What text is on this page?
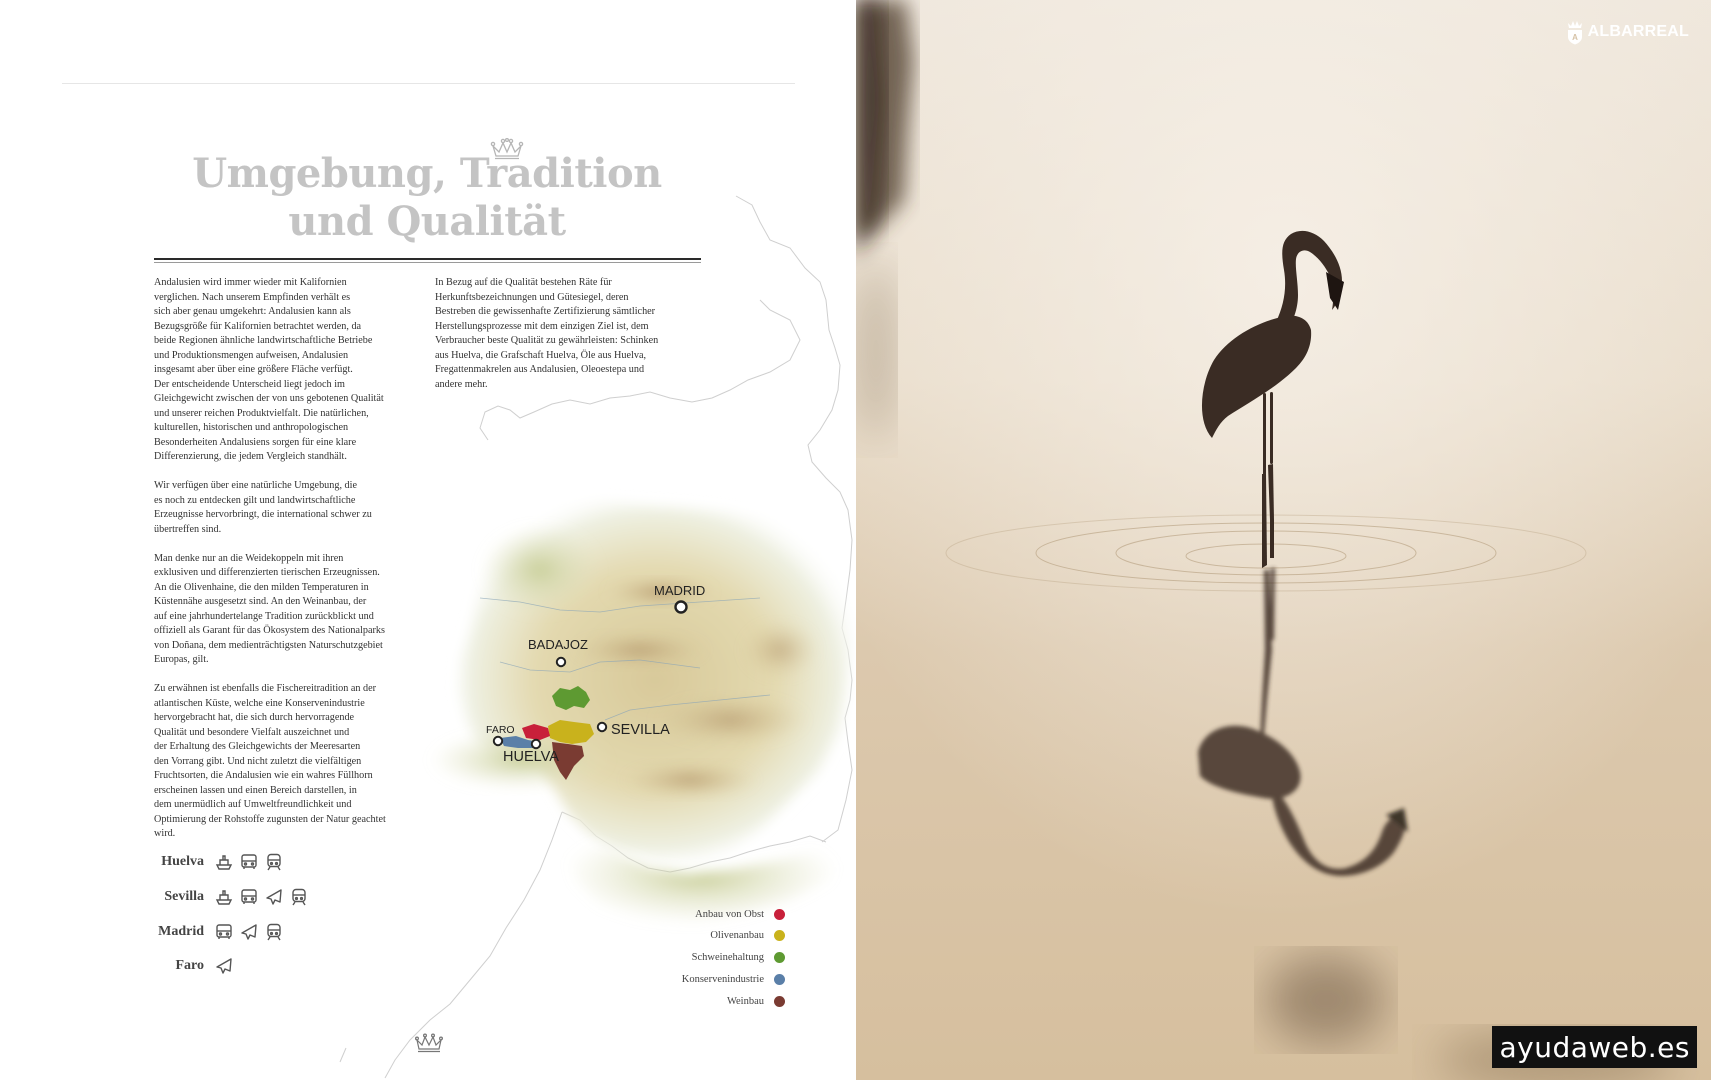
Umgebung, Tradition
und Qualität

Andalusien wird immer wieder mit Kalifornien
verglichen. Nach unserem Empfinden verhält es
sich aber genau umgekehrt: Andalusien kann als
Bezugsgröße für Kalifornien betrachtet werden, da
beide Regionen ähnliche landwirtschaftliche Betriebe
und Produktionsmengen aufweisen, Andalusien
insgesamt aber über eine größere Fläche verfügt.
Der entscheidende Unterscheid liegt jedoch im
Gleichgewicht zwischen der von uns gebotenen Qualität
und unserer reichen Produktvielfalt. Die natürlichen,
kulturellen, historischen und anthropologischen
Besonderheiten Andalusiens sorgen für eine klare
Differenzierung, die jedem Vergleich standhält.

Wir verfügen über eine natürliche Umgebung, die
es noch zu entdecken gilt und landwirtschaftliche
Erzeugnisse hervorbringt, die international schwer zu
übertreffen sind.

Man denke nur an die Weidekoppeln mit ihren
exklusiven und differenzierten tierischen Erzeugnissen.
An die Olivenhaine, die den milden Temperaturen in
Küstennähe ausgesetzt sind. An den Weinanbau, der
auf eine jahrhundertelange Tradition zurückblickt und
offiziell als Garant für das Ökosystem des Nationalparks
von Doñana, dem medienträchtigsten Naturschutzgebiet
Europas, gilt.

Zu erwähnen ist ebenfalls die Fischereitradition an der
atlantischen Küste, welche eine Konservenindustrie
hervorgebracht hat, die sich durch hervorragende
Qualität und besondere Vielfalt auszeichnet und
der Erhaltung des Gleichgewichts der Meeresarten
den Vorrang gibt. Und nicht zuletzt die vielfältigen
Fruchtsorten, die Andalusien wie ein wahres Füllhorn
erscheinen lassen und einen Bereich darstellen, in
dem unermüdlich auf Umweltfreundlichkeit und
Optimierung der Rohstoffe zugunsten der Natur geachtet
wird.

In Bezug auf die Qualität bestehen Räte für
Herkunftsbezeichnungen und Gütesiegel, deren
Bestreben die gewissenhafte Zertifizierung sämtlicher
Herstellungsprozesse mit dem einzigen Ziel ist, dem
Verbraucher beste Qualität zu gewährleisten: Schinken
aus Huelva, die Grafschaft Huelva, Öle aus Huelva,
Fregattenmakrelen aus Andalusien, Oleoestepa und
andere mehr.

MADRID
BADAJOZ
SEVILLA
HUELVA
FARO
Huelva
Sevilla
Madrid
Faro
Anbau von Obst
Olivenanbau
Schweinehaltung
Konservenindustrie
Weinbau
A ALBARREAL
ayudaweb.es
